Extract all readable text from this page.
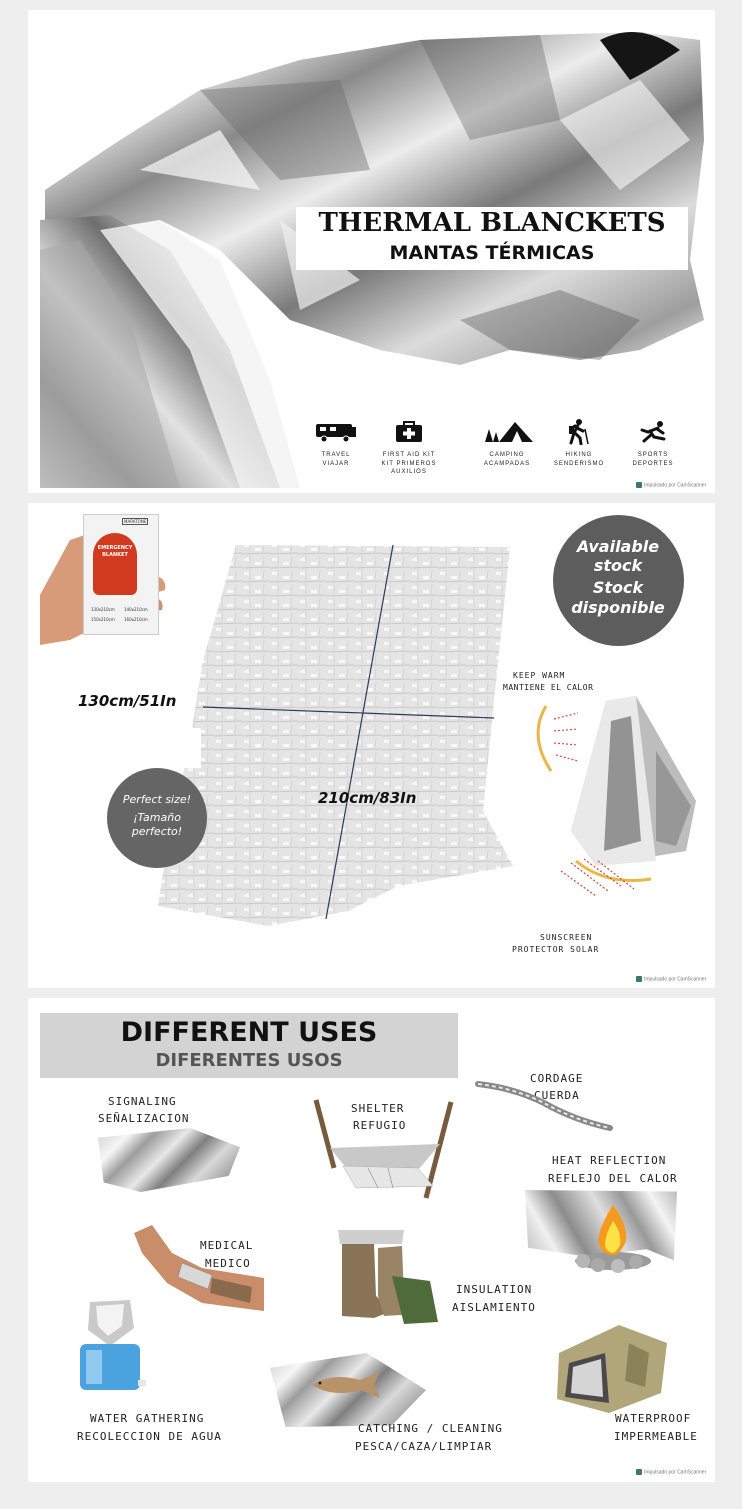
THERMAL BLANCKETS
MANTAS TÉRMICAS
TRAVEL
VIAJAR
FIRST AID KIT
KIT PRIMEROS AUXILIOS
CAMPING
ACAMPADAS
HIKING
SENDERISMO
SPORTS
DEPORTES
Impulsado por CamScanner
130cm/51In
210cm/83In
MARATONE
EMERGENCY BLANKET
130x210cm 140x210cm
150x210cm 160x210cm
Available stock
Stock disponible
Perfect size!
¡Tamaño perfecto!
KEEP WARM
MANTIENE EL CALOR
SUNSCREEN
PROTECTOR SOLAR
Impulsado por CamScanner
DIFFERENT USES
DIFERENTES USOS
SIGNALING
SEÑALIZACION
SHELTER
REFUGIO
CORDAGE
CUERDA
HEAT REFLECTION
REFLEJO DEL CALOR
MEDICAL
MEDICO
INSULATION
AISLAMIENTO
WATER GATHERING
RECOLECCION DE AGUA
CATCHING / CLEANING
PESCA/CAZA/LIMPIAR
WATERPROOF
IMPERMEABLE
Impulsado por CamScanner
